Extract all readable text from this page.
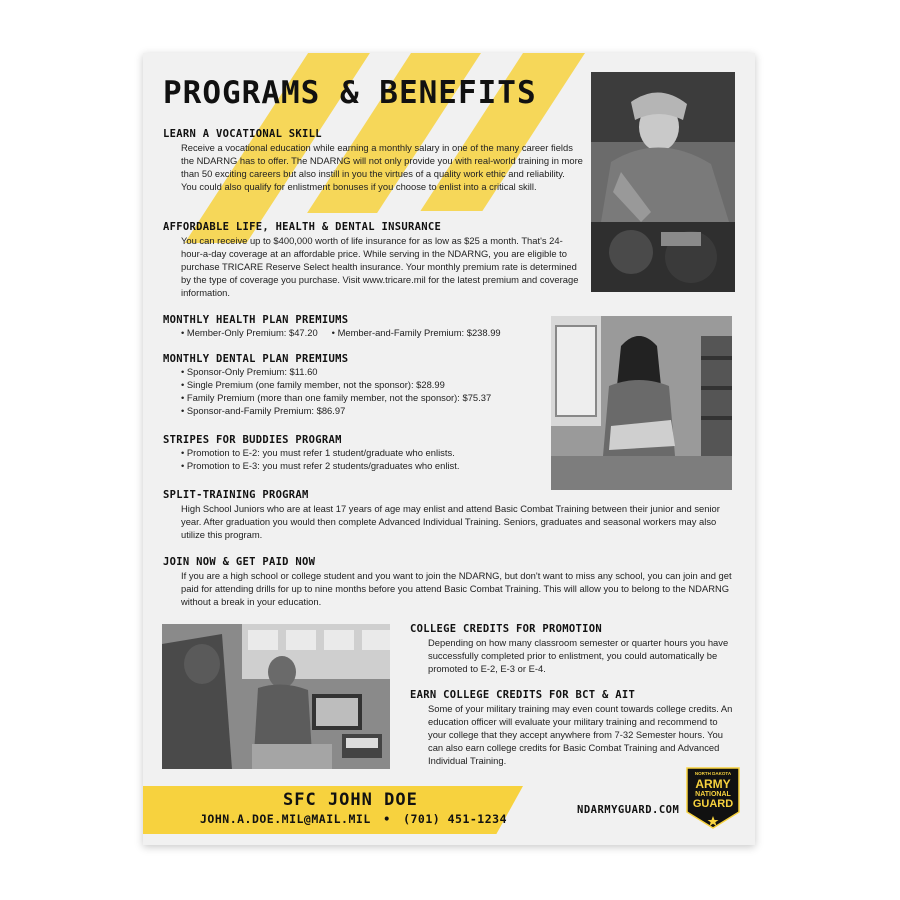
PROGRAMS & BENEFITS
LEARN A VOCATIONAL SKILL
Receive a vocational education while earning a monthly salary in one of the many career fields the NDARNG has to offer. The NDARNG will not only provide you with real-world training in more than 50 exciting careers but also instill in you the virtues of a quality work ethic and reliability. You could also qualify for enlistment bonuses if you choose to enlist into a critical skill.
AFFORDABLE LIFE, HEALTH & DENTAL INSURANCE
You can receive up to $400,000 worth of life insurance for as low as $25 a month. That's 24-hour-a-day coverage at an affordable price. While serving in the NDARNG, you are eligible to purchase TRICARE Reserve Select health insurance. Your monthly premium rate is determined by the type of coverage you purchase. Visit www.tricare.mil for the latest premium and coverage information.
MONTHLY HEALTH PLAN PREMIUMS
• Member-Only Premium: $47.20 • Member-and-Family Premium: $238.99
MONTHLY DENTAL PLAN PREMIUMS
• Sponsor-Only Premium: $11.60
• Single Premium (one family member, not the sponsor): $28.99
• Family Premium (more than one family member, not the sponsor): $75.37
• Sponsor-and-Family Premium: $86.97
STRIPES FOR BUDDIES PROGRAM
• Promotion to E-2: you must refer 1 student/graduate who enlists.
• Promotion to E-3: you must refer 2 students/graduates who enlist.
SPLIT-TRAINING PROGRAM
High School Juniors who are at least 17 years of age may enlist and attend Basic Combat Training between their junior and senior year. After graduation you would then complete Advanced Individual Training. Seniors, graduates and seasonal workers may also utilize this program.
JOIN NOW & GET PAID NOW
If you are a high school or college student and you want to join the NDARNG, but don't want to miss any school, you can join and get paid for attending drills for up to nine months before you attend Basic Combat Training. This will allow you to belong to the NDARNG without a break in your education.
COLLEGE CREDITS FOR PROMOTION
Depending on how many classroom semester or quarter hours you have successfully completed prior to enlistment, you could automatically be promoted to E-2, E-3 or E-4.
EARN COLLEGE CREDITS FOR BCT & AIT
Some of your military training may even count towards college credits. An education officer will evaluate your military training and recommend to your college that they accept anywhere from 7-32 Semester hours. You can also earn college credits for Basic Combat Training and Advanced Individual Training.
SFC JOHN DOE
JOHN.A.DOE.MIL@MAIL.MIL • (701) 451-1234
NDARMYGUARD.COM
NORTH DAKOTA
ARMY
NATIONAL
GUARD
